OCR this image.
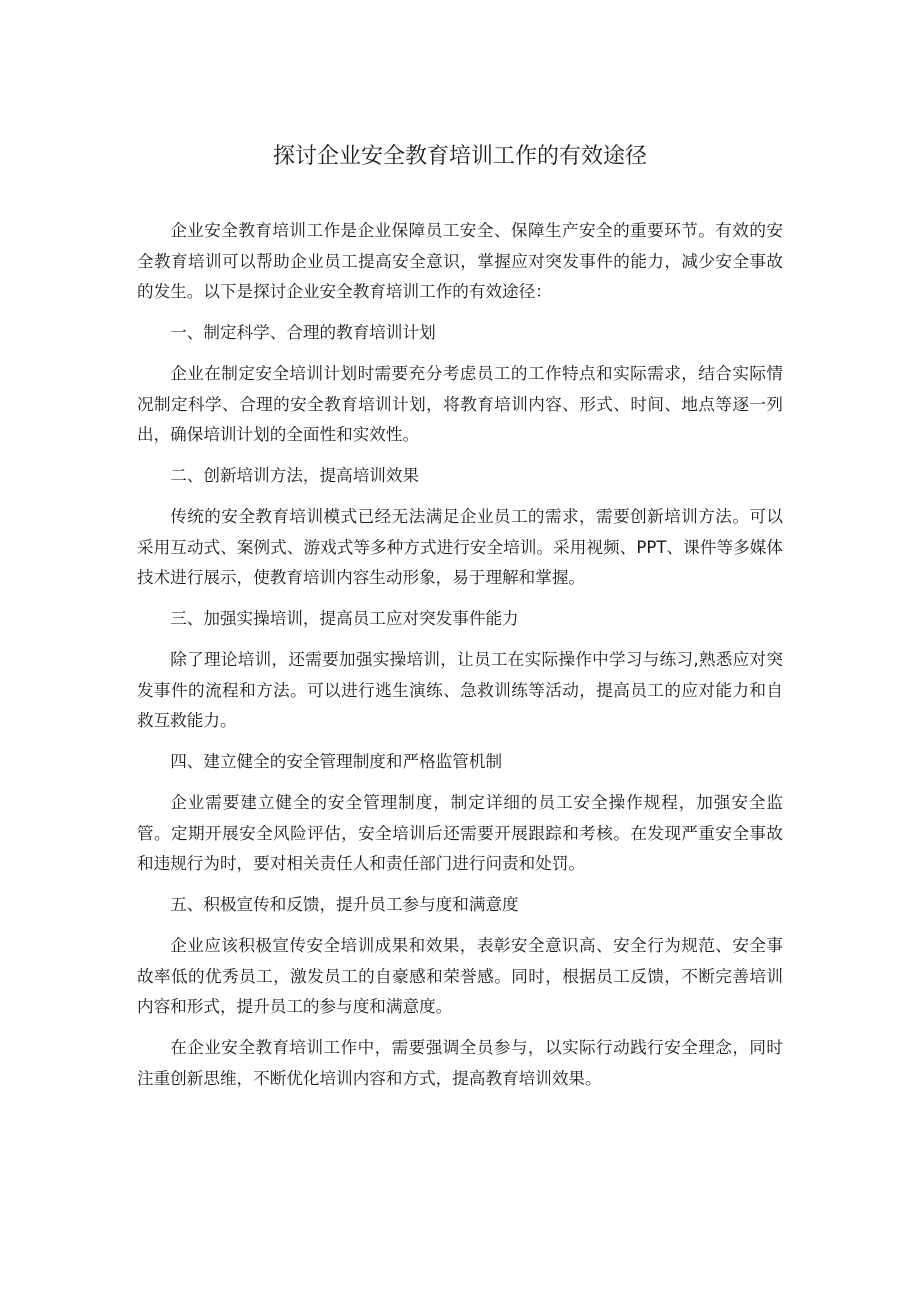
探讨企业安全教育培训工作的有效途径

企业安全教育培训工作是企业保障员工安全、保障生产安全的重要环节。有效的安全教育培训可以帮助企业员工提高安全意识，掌握应对突发事件的能力，减少安全事故的发生。以下是探讨企业安全教育培训工作的有效途径：

一、制定科学、合理的教育培训计划

企业在制定安全培训计划时需要充分考虑员工的工作特点和实际需求，结合实际情况制定科学、合理的安全教育培训计划，将教育培训内容、形式、时间、地点等逐一列出，确保培训计划的全面性和实效性。

二、创新培训方法，提高培训效果

传统的安全教育培训模式已经无法满足企业员工的需求，需要创新培训方法。可以采用互动式、案例式、游戏式等多种方式进行安全培训。采用视频、PPT、课件等多媒体技术进行展示，使教育培训内容生动形象，易于理解和掌握。

三、加强实操培训，提高员工应对突发事件能力

除了理论培训，还需要加强实操培训，让员工在实际操作中学习与练习,熟悉应对突发事件的流程和方法。可以进行逃生演练、急救训练等活动，提高员工的应对能力和自救互救能力。

四、建立健全的安全管理制度和严格监管机制

企业需要建立健全的安全管理制度，制定详细的员工安全操作规程，加强安全监管。定期开展安全风险评估，安全培训后还需要开展跟踪和考核。在发现严重安全事故和违规行为时，要对相关责任人和责任部门进行问责和处罚。

五、积极宣传和反馈，提升员工参与度和满意度

企业应该积极宣传安全培训成果和效果，表彰安全意识高、安全行为规范、安全事故率低的优秀员工，激发员工的自豪感和荣誉感。同时，根据员工反馈，不断完善培训内容和形式，提升员工的参与度和满意度。

在企业安全教育培训工作中，需要强调全员参与，以实际行动践行安全理念，同时注重创新思维，不断优化培训内容和方式，提高教育培训效果。
